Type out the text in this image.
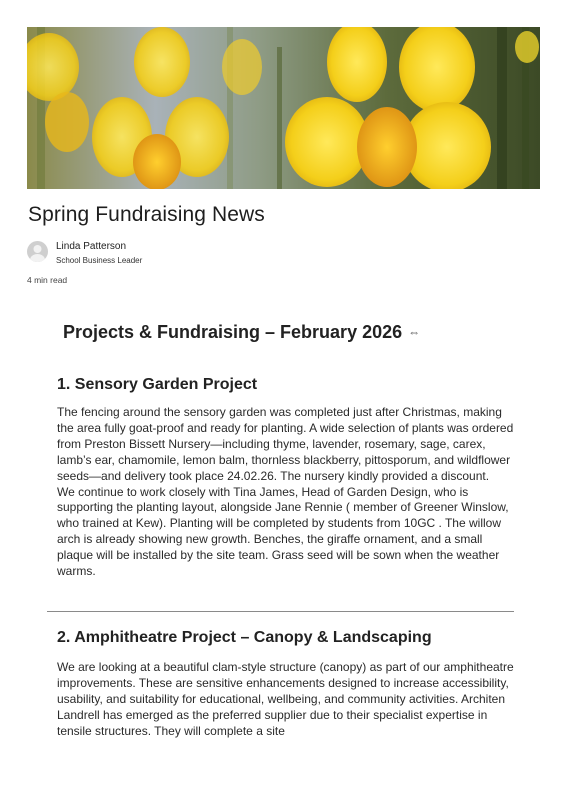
Spring Fundraising News
Linda Patterson
School Business Leader
4 min read
Projects & Fundraising – February 2026 ⇔
1. Sensory Garden Project

The fencing around the sensory garden was completed just after Christmas, making the area fully goat-proof and ready for planting. A wide selection of plants was ordered from Preston Bissett Nursery—including thyme, lavender, rosemary, sage, carex, lamb’s ear, chamomile, lemon balm, thornless blackberry, pittosporum, and wildflower seeds—and delivery took place 24.02.26. The nursery kindly provided a discount.

We continue to work closely with Tina James, Head of Garden Design, who is supporting the planting layout, alongside Jane Rennie ( member of Greener Winslow, who trained at Kew). Planting will be completed by students from 10GC . The willow arch is already showing new growth. Benches, the giraffe ornament, and a small plaque will be installed by the site team. Grass seed will be sown when the weather warms.

2. Amphitheatre Project – Canopy & Landscaping

We are looking at a beautiful clam-style structure (canopy) as part of our amphitheatre improvements. These are sensitive enhancements designed to increase accessibility, usability, and suitability for educational, wellbeing, and community activities. Architen Landrell has emerged as the preferred supplier due to their specialist expertise in tensile structures. They will complete a site
